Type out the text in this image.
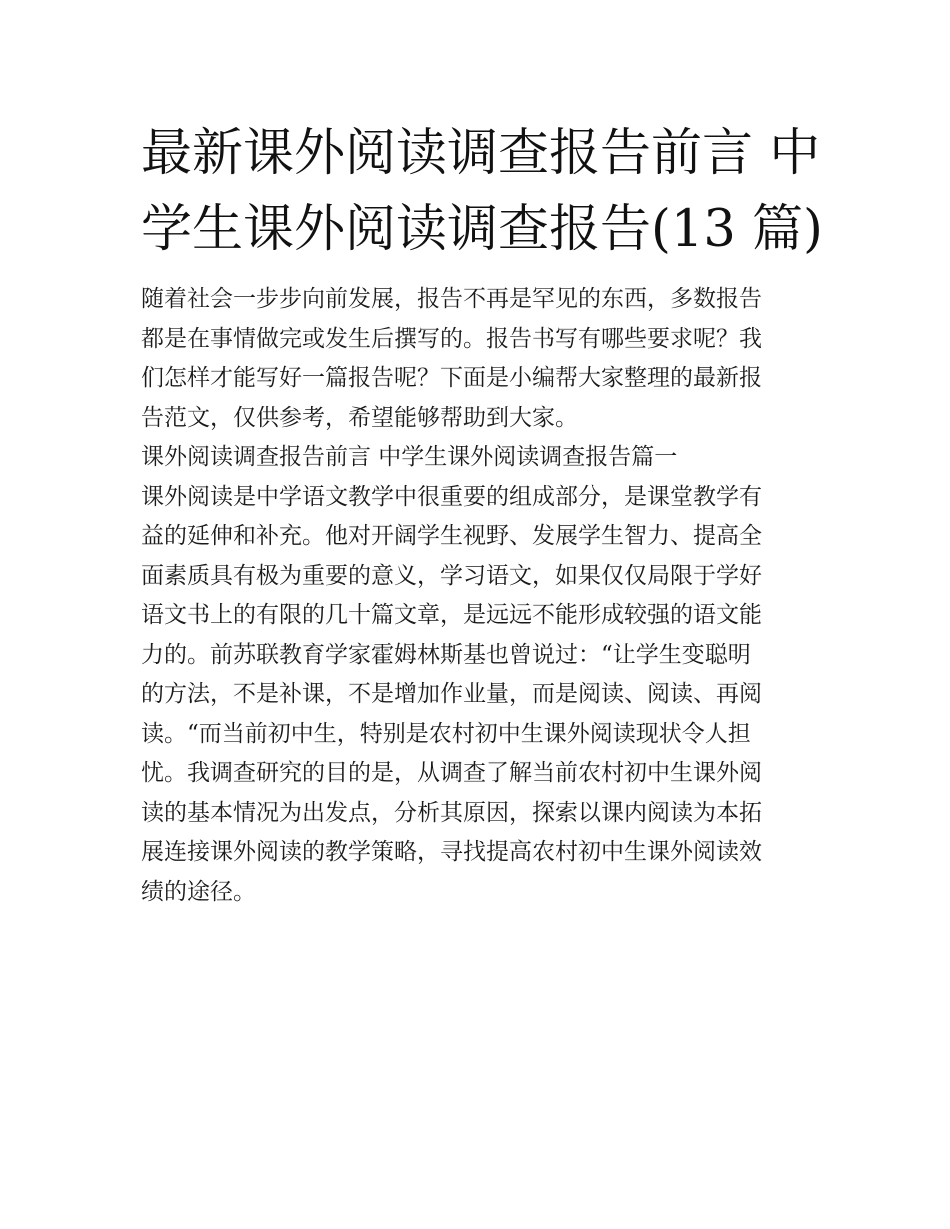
最新课外阅读调查报告前言 中
学生课外阅读调查报告(13 篇)

随着社会一步步向前发展，报告不再是罕见的东西，多数报告
都是在事情做完或发生后撰写的。报告书写有哪些要求呢？我
们怎样才能写好一篇报告呢？下面是小编帮大家整理的最新报
告范文，仅供参考，希望能够帮助到大家。

课外阅读调查报告前言 中学生课外阅读调查报告篇一

课外阅读是中学语文教学中很重要的组成部分，是课堂教学有
益的延伸和补充。他对开阔学生视野、发展学生智力、提高全
面素质具有极为重要的意义，学习语文，如果仅仅局限于学好
语文书上的有限的几十篇文章，是远远不能形成较强的语文能
力的。前苏联教育学家霍姆林斯基也曾说过：“让学生变聪明
的方法，不是补课，不是增加作业量，而是阅读、阅读、再阅
读。“而当前初中生，特别是农村初中生课外阅读现状令人担
忧。我调查研究的目的是，从调查了解当前农村初中生课外阅
读的基本情况为出发点，分析其原因，探索以课内阅读为本拓
展连接课外阅读的教学策略，寻找提高农村初中生课外阅读效
绩的途径。
